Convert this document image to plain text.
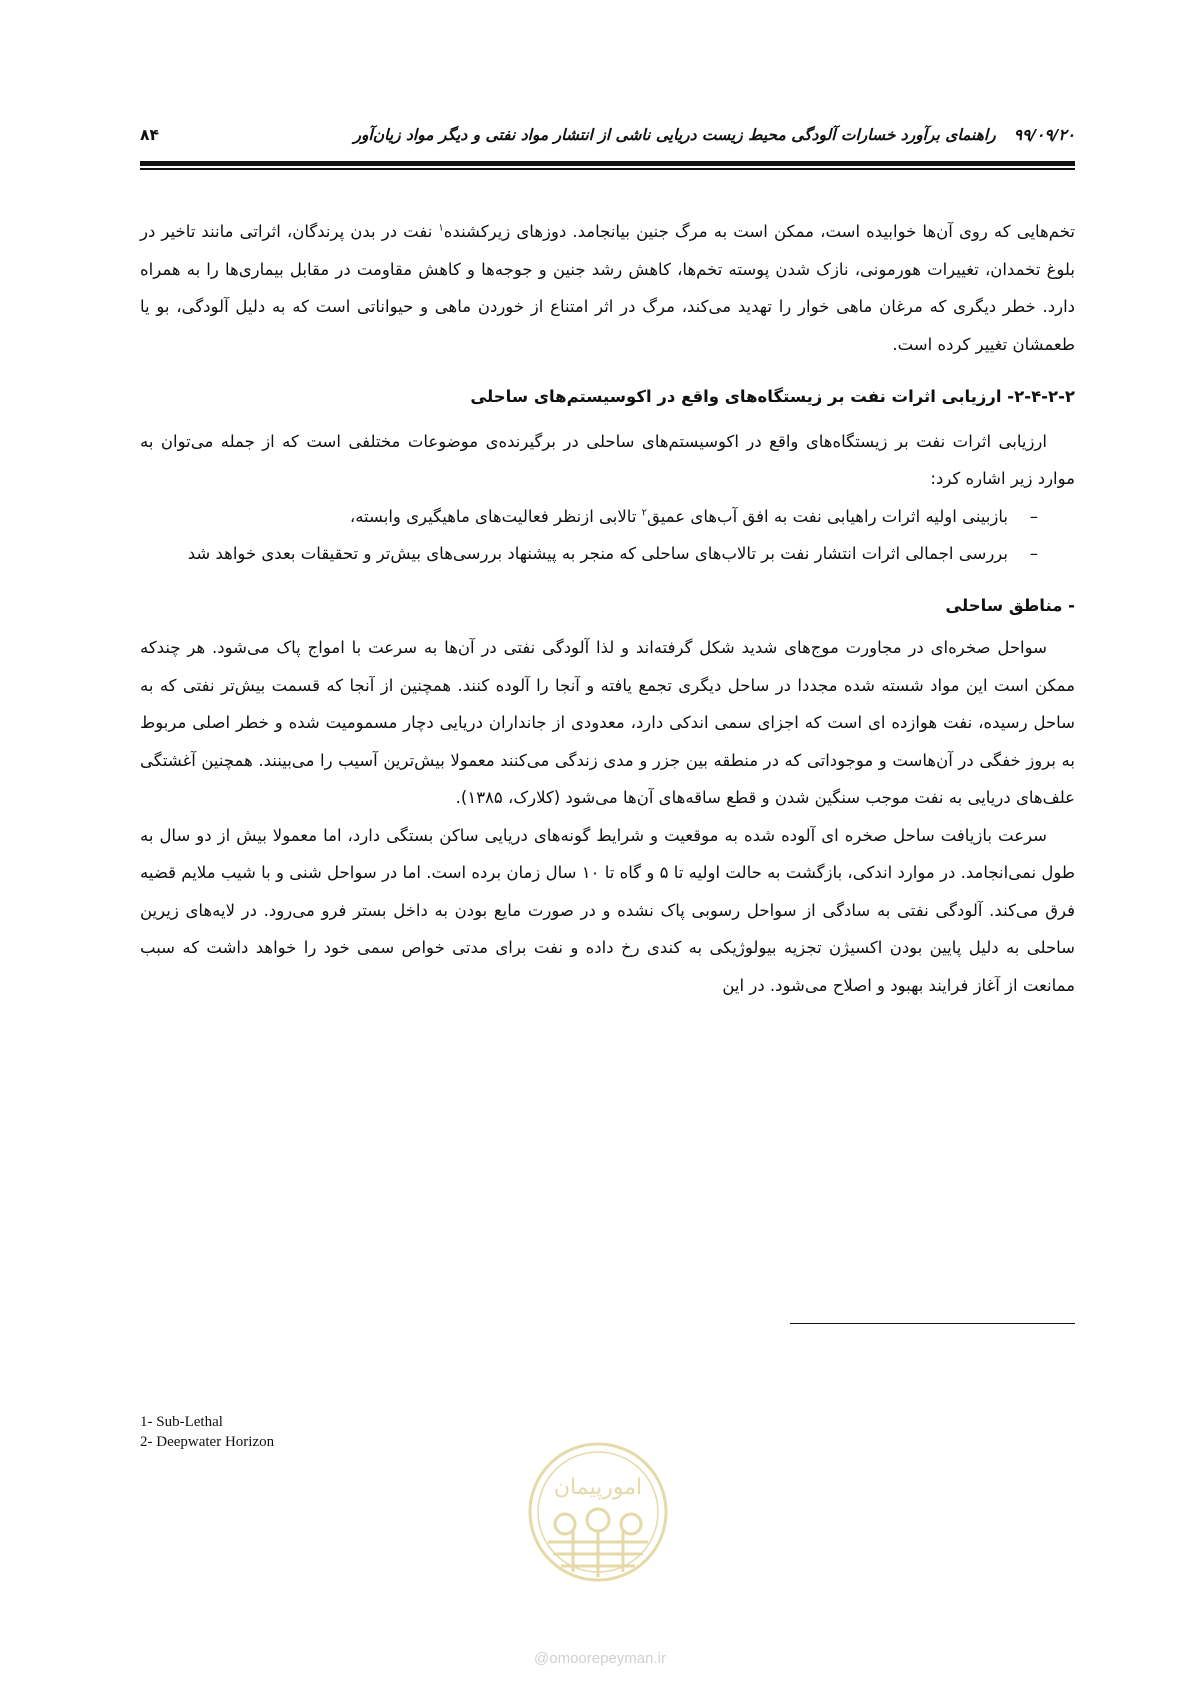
۹۹/۰۹/۲۰راهنمای برآورد خسارات آلودگی محیط زیست دریایی ناشی از انتشار مواد نفتی و دیگر مواد زیان‌آور
۸۴

تخم‌هایی که روی آن‌ها خوابیده است، ممکن است به مرگ جنین بیانجامد. دوزهای زیرکشنده$^۱$ نفت در بدن پرندگان، اثراتی مانند تاخیر در بلوغ تخمدان، تغییرات هورمونی، نازک شدن پوسته تخم‌ها، کاهش رشد جنین و جوجه‌ها و کاهش مقاومت در مقابل بیماری‌ها را به همراه دارد. خطر دیگری که مرغان ماهی خوار را تهدید می‌کند، مرگ در اثر امتناع از خوردن ماهی و حیواناتی است که به دلیل آلودگی، بو یا طعمشان تغییر کرده است.

۲-۴-۲-۲- ارزیابی اثرات نفت بر زیستگاه‌های واقع در اکوسیستم‌های ساحلی

ارزیابی اثرات نفت بر زیستگاه‌های واقع در اکوسیستم‌های ساحلی در برگیرنده‌ی موضوعات مختلفی است که از جمله می‌توان به موارد زیر اشاره کرد:

–
بازبینی اولیه اثرات راهیابی نفت به افق آب‌های عمیق$^۲$ تالابی ازنظر فعالیت‌های ماهیگیری وابسته،
–
بررسی اجمالی اثرات انتشار نفت بر تالاب‌های ساحلی که منجر به پیشنهاد بررسی‌های بیش‌تر و تحقیقات بعدی خواهد شد

- مناطق ساحلی

سواحل صخره‌ای در مجاورت موج‌های شدید شکل گرفته‌اند و لذا آلودگی نفتی در آن‌ها به سرعت با امواج پاک می‌شود. هر چندکه ممکن است این مواد شسته شده مجددا در ساحل دیگری تجمع یافته و آنجا را آلوده کنند. همچنین از آنجا که قسمت بیش‌تر نفتی که به ساحل رسیده، نفت هوازده ای است که اجزای سمی اندکی دارد، معدودی از جانداران دریایی دچار مسمومیت شده و خطر اصلی مربوط به بروز خفگی در آن‌هاست و موجوداتی که در منطقه بین جزر و مدی زندگی می‌کنند معمولا بیش‌ترین آسیب را می‌بینند. همچنین آغشتگی علف‌های دریایی به نفت موجب سنگین شدن و قطع ساقه‌های آن‌ها می‌شود (کلارک، ۱۳۸۵).

سرعت بازیافت ساحل صخره ای آلوده شده به موقعیت و شرایط گونه‌های دریایی ساکن بستگی دارد، اما معمولا بیش از دو سال به طول نمی‌انجامد. در موارد اندکی، بازگشت به حالت اولیه تا ۵ و گاه تا ۱۰ سال زمان برده است. اما در سواحل شنی و با شیب ملایم قضیه فرق می‌کند. آلودگی نفتی به سادگی از سواحل رسوبی پاک نشده و در صورت مایع بودن به داخل بستر فرو می‌رود. در لایه‌های زیرین ساحلی به دلیل پایین بودن اکسیژن تجزیه بیولوژیکی به کندی رخ داده و نفت برای مدتی خواص سمی خود را خواهد داشت که سبب ممانعت از آغاز فرایند بهبود و اصلاح می‌شود. در این

1- Sub-Lethal
2- Deepwater Horizon
امورپیمان
@omoorepeyman.ir
